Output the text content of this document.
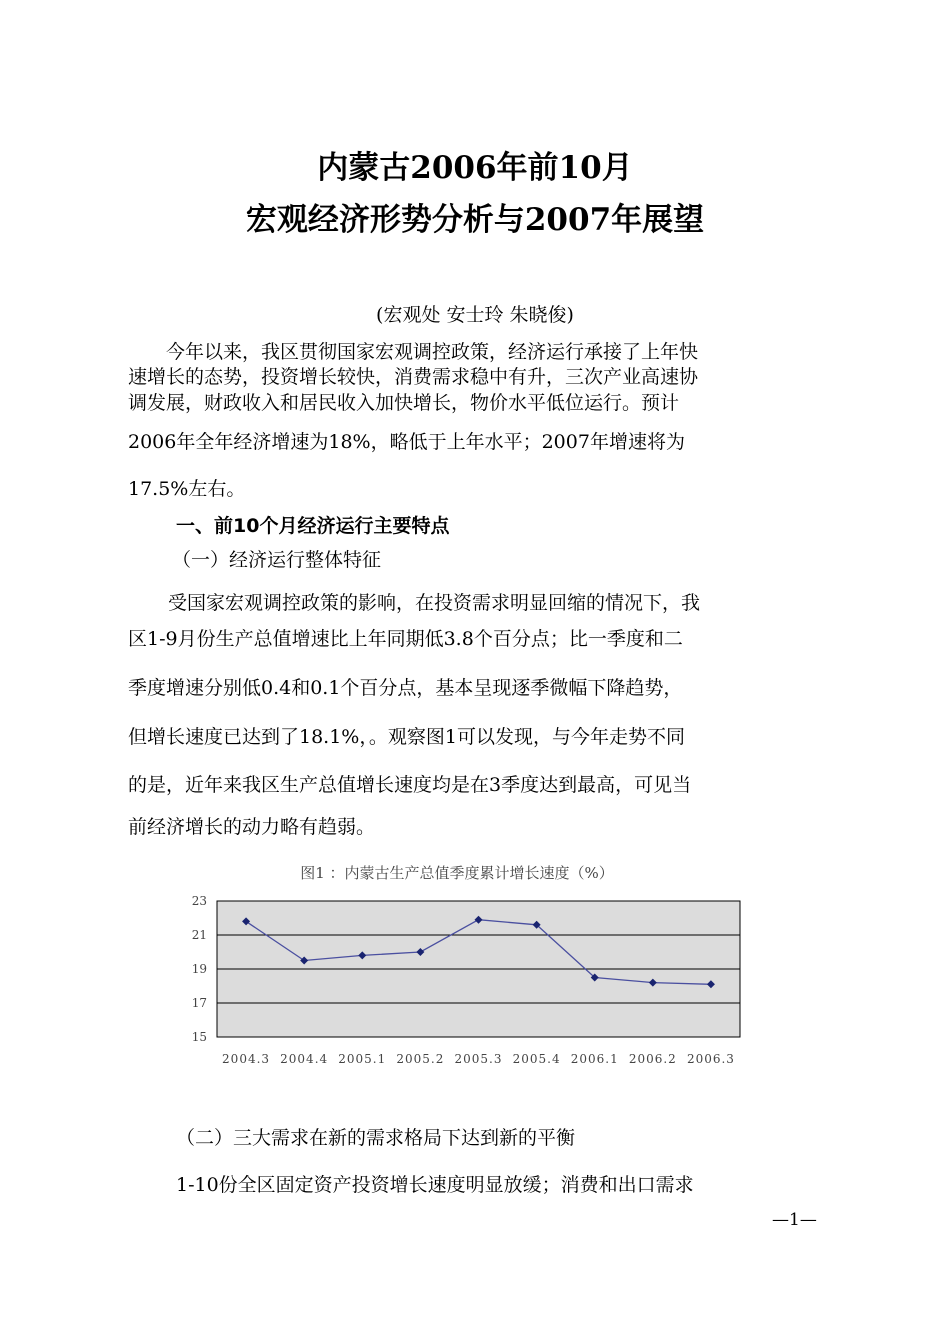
内蒙古2006年前10月
宏观经济形势分析与2007年展望
(宏观处 安士玲 朱晓俊)
今年以来，我区贯彻国家宏观调控政策，经济运行承接了上年快
速增长的态势，投资增长较快，消费需求稳中有升，三次产业高速协
调发展，财政收入和居民收入加快增长，物价水平低位运行。预计
2006年全年经济增速为18%，略低于上年水平；2007年增速将为
17.5%左右。
一、前10个月经济运行主要特点
（一）经济运行整体特征
受国家宏观调控政策的影响，在投资需求明显回缩的情况下，我
区1-9月份生产总值增速比上年同期低3.8个百分点；比一季度和二
季度增速分别低0.4和0.1个百分点，基本呈现逐季微幅下降趋势，
但增长速度已达到了18.1%，。观察图1可以发现，与今年走势不同
的是，近年来我区生产总值增长速度均是在3季度达到最高，可见当
前经济增长的动力略有趋弱。
图1 ：内蒙古生产总值季度累计增长速度（%）
15
17
19
21
23
2004.3 2004.4 2005.1 2005.2 2005.3 2005.4 2006.1 2006.2 2006.3
（二）三大需求在新的需求格局下达到新的平衡
1-10份全区固定资产投资增长速度明显放缓；消费和出口需求
—1—
